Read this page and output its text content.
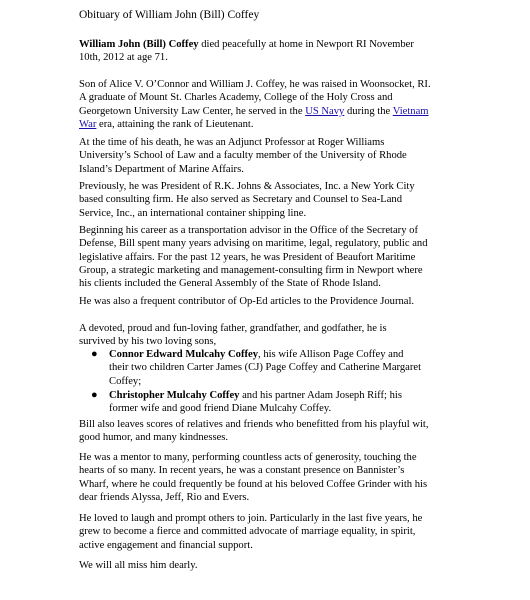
Obituary of William John (Bill) Coffey

William John (Bill) Coffey died peacefully at home in Newport RI November
10th, 2012 at age 71.

Son of Alice V. O’Connor and William J. Coffey, he was raised in Woonsocket, RI.
A graduate of Mount St. Charles Academy, College of the Holy Cross and
Georgetown University Law Center, he served in the US Navy during the Vietnam
War era, attaining the rank of Lieutenant.

At the time of his death, he was an Adjunct Professor at Roger Williams
University’s School of Law and a faculty member of the University of Rhode
Island’s Department of Marine Affairs.

Previously, he was President of R.K. Johns & Associates, Inc. a New York City
based consulting firm. He also served as Secretary and Counsel to Sea-Land
Service, Inc., an international container shipping line.

Beginning his career as a transportation advisor in the Office of the Secretary of
Defense, Bill spent many years advising on maritime, legal, regulatory, public and
legislative affairs. For the past 12 years, he was President of Beaufort Maritime
Group, a strategic marketing and management-consulting firm in Newport where
his clients included the General Assembly of the State of Rhode Island.

He was also a frequent contributor of Op-Ed articles to the Providence Journal.

A devoted, proud and fun-loving father, grandfather, and godfather, he is
survived by his two loving sons,

● Connor Edward Mulcahy Coffey, his wife Allison Page Coffey and
their two children Carter James (CJ) Page Coffey and Catherine Margaret
Coffey;
● Christopher Mulcahy Coffey and his partner Adam Joseph Riff; his
former wife and good friend Diane Mulcahy Coffey.

Bill also leaves scores of relatives and friends who benefitted from his playful wit,
good humor, and many kindnesses.

He was a mentor to many, performing countless acts of generosity, touching the
hearts of so many. In recent years, he was a constant presence on Bannister’s
Wharf, where he could frequently be found at his beloved Coffee Grinder with his
dear friends Alyssa, Jeff, Rio and Evers.

He loved to laugh and prompt others to join. Particularly in the last five years, he
grew to become a fierce and committed advocate of marriage equality, in spirit,
active engagement and financial support.

We will all miss him dearly.
